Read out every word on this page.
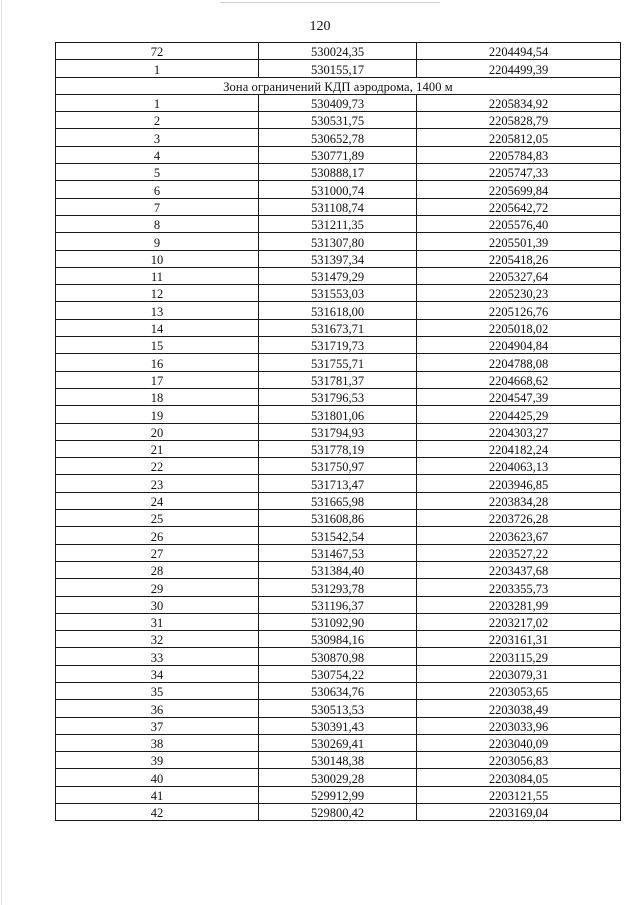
120
72	530024,35	2204494,54
1	530155,17	2204499,39
Зона ограничений КДП аэродрома, 1400 м		
1	530409,73	2205834,92
2	530531,75	2205828,79
3	530652,78	2205812,05
4	530771,89	2205784,83
5	530888,17	2205747,33
6	531000,74	2205699,84
7	531108,74	2205642,72
8	531211,35	2205576,40
9	531307,80	2205501,39
10	531397,34	2205418,26
11	531479,29	2205327,64
12	531553,03	2205230,23
13	531618,00	2205126,76
14	531673,71	2205018,02
15	531719,73	2204904,84
16	531755,71	2204788,08
17	531781,37	2204668,62
18	531796,53	2204547,39
19	531801,06	2204425,29
20	531794,93	2204303,27
21	531778,19	2204182,24
22	531750,97	2204063,13
23	531713,47	2203946,85
24	531665,98	2203834,28
25	531608,86	2203726,28
26	531542,54	2203623,67
27	531467,53	2203527,22
28	531384,40	2203437,68
29	531293,78	2203355,73
30	531196,37	2203281,99
31	531092,90	2203217,02
32	530984,16	2203161,31
33	530870,98	2203115,29
34	530754,22	2203079,31
35	530634,76	2203053,65
36	530513,53	2203038,49
37	530391,43	2203033,96
38	530269,41	2203040,09
39	530148,38	2203056,83
40	530029,28	2203084,05
41	529912,99	2203121,55
42	529800,42	2203169,04
